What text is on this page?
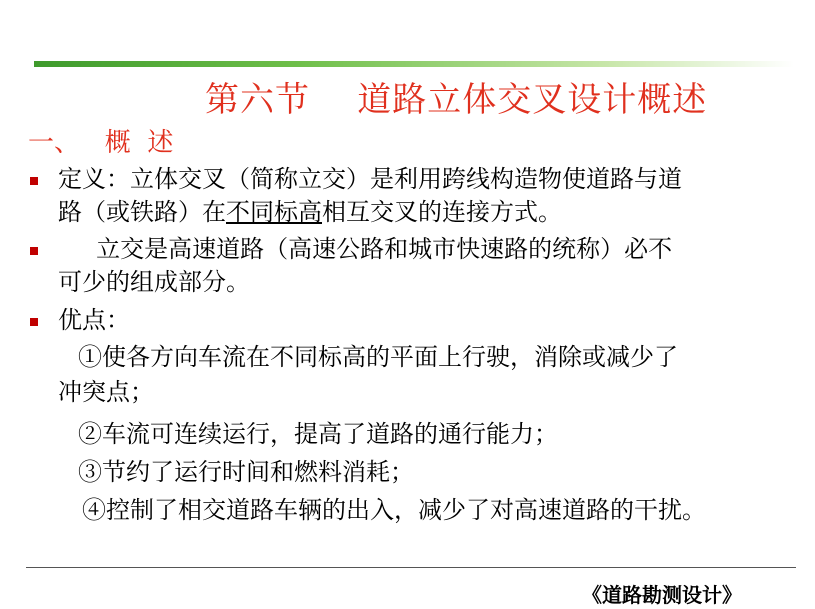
第六节    道路立体交叉设计概述
一、   概  述
定义：立体交叉（简称立交）是利用跨线构造物使道路与道
路（或铁路）在不同标高相互交叉的连接方式。
立交是高速道路（高速公路和城市快速路的统称）必不
可少的组成部分。
优点：
①使各方向车流在不同标高的平面上行驶，消除或减少了
冲突点；
②车流可连续运行，提高了道路的通行能力；
③节约了运行时间和燃料消耗；
④控制了相交道路车辆的出入，减少了对高速道路的干扰。
《道路勘测设计》
